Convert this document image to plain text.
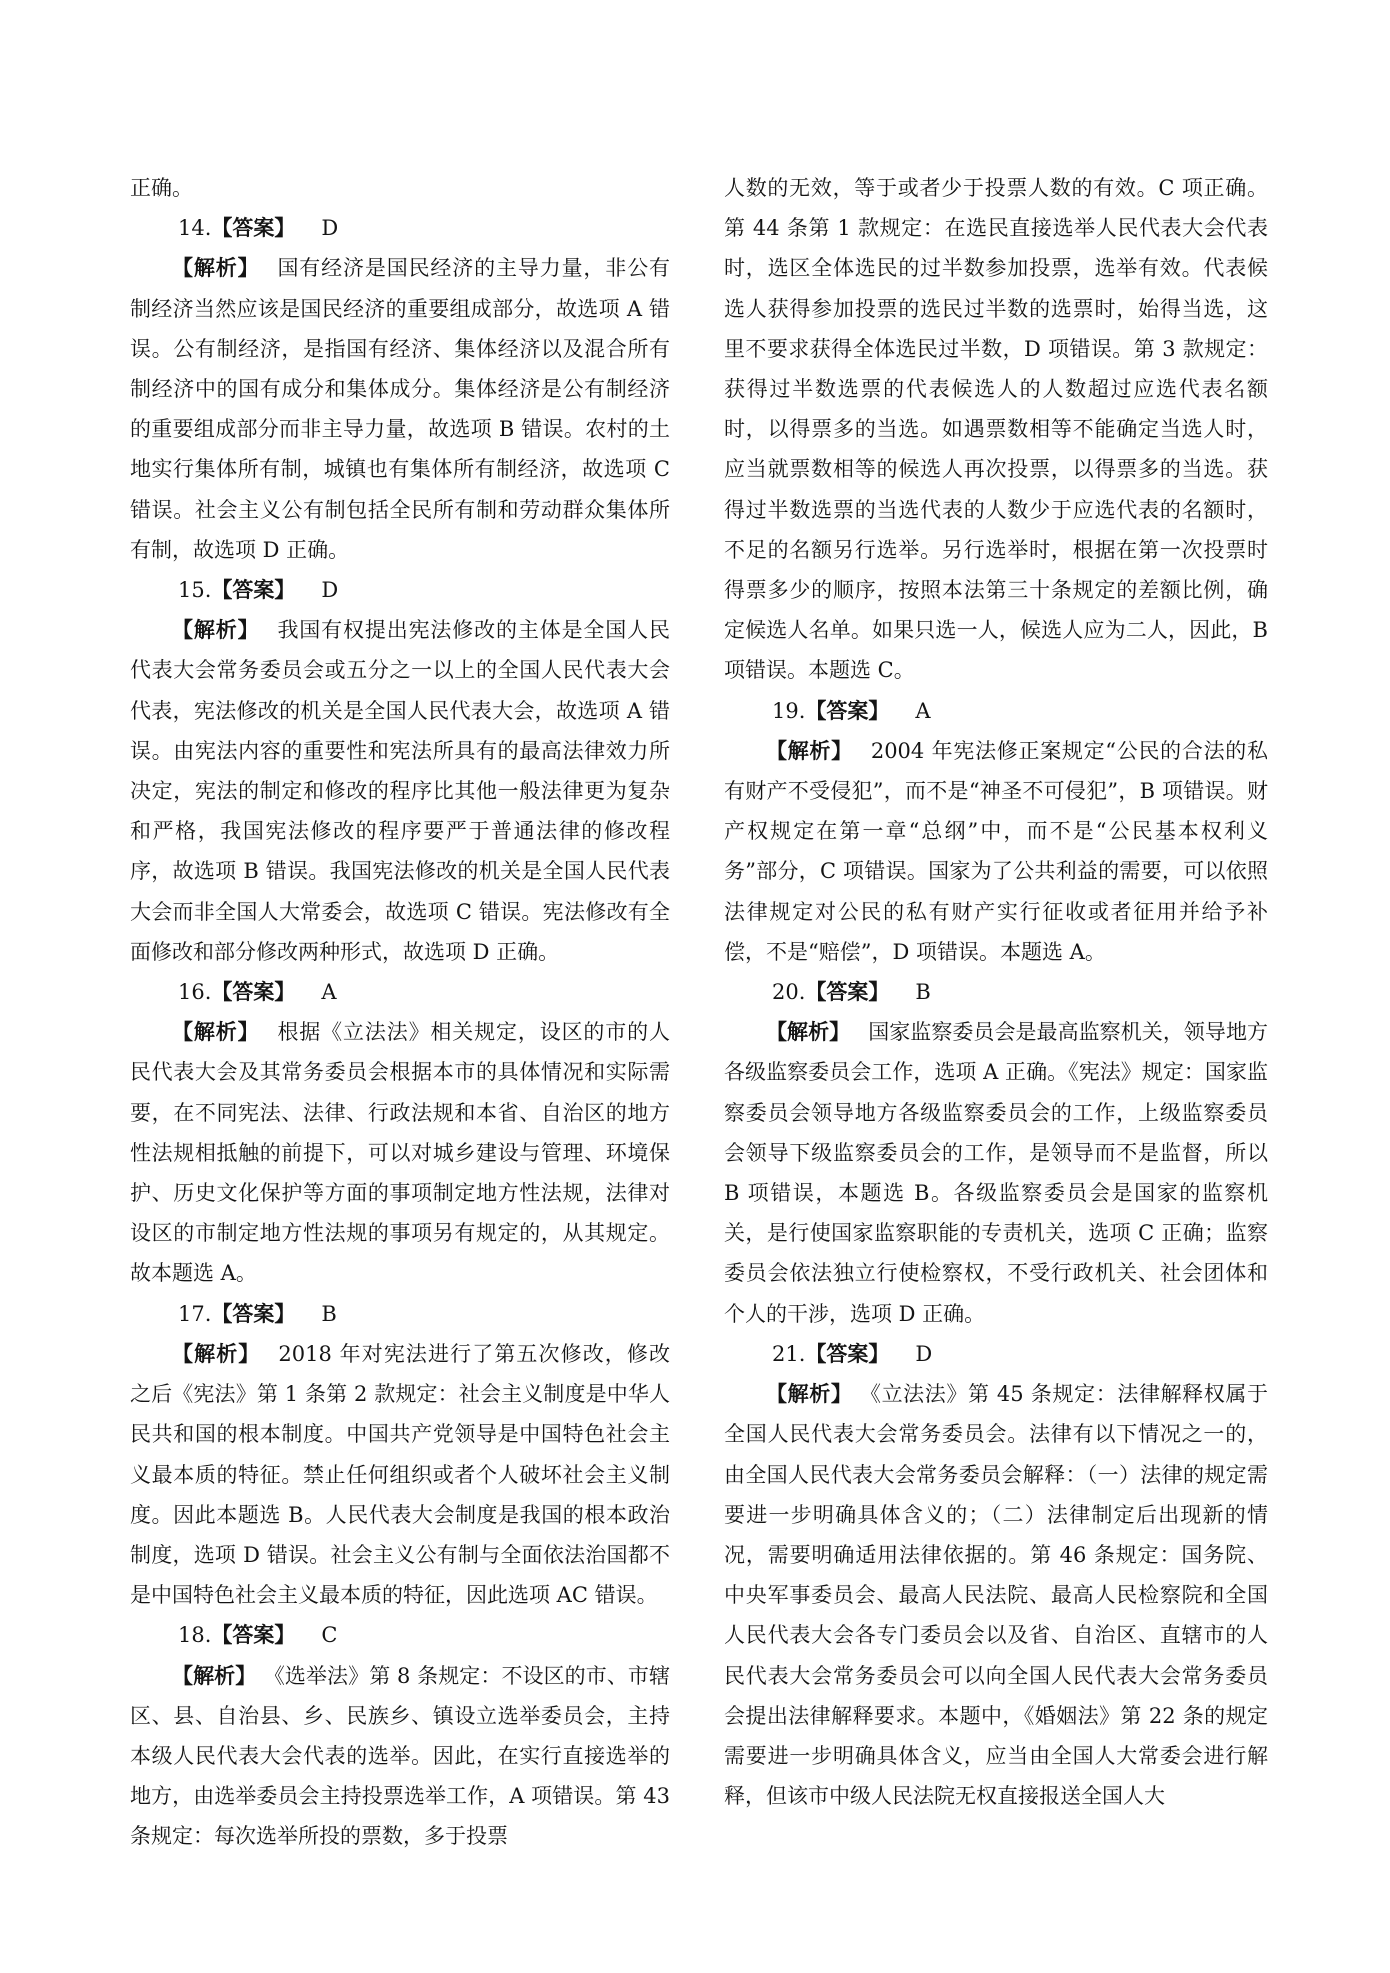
正确。

14.【答案】 D

【解析】 国有经济是国民经济的主导力量，非公有制经济当然应该是国民经济的重要组成部分，故选项 A 错误。公有制经济，是指国有经济、集体经济以及混合所有制经济中的国有成分和集体成分。集体经济是公有制经济的重要组成部分而非主导力量，故选项 B 错误。农村的土地实行集体所有制，城镇也有集体所有制经济，故选项 C 错误。社会主义公有制包括全民所有制和劳动群众集体所有制，故选项 D 正确。

15.【答案】 D

【解析】 我国有权提出宪法修改的主体是全国人民代表大会常务委员会或五分之一以上的全国人民代表大会代表，宪法修改的机关是全国人民代表大会，故选项 A 错误。由宪法内容的重要性和宪法所具有的最高法律效力所决定，宪法的制定和修改的程序比其他一般法律更为复杂和严格，我国宪法修改的程序要严于普通法律的修改程序，故选项 B 错误。我国宪法修改的机关是全国人民代表大会而非全国人大常委会，故选项 C 错误。宪法修改有全面修改和部分修改两种形式，故选项 D 正确。

16.【答案】 A

【解析】 根据《立法法》相关规定，设区的市的人民代表大会及其常务委员会根据本市的具体情况和实际需要，在不同宪法、法律、行政法规和本省、自治区的地方性法规相抵触的前提下，可以对城乡建设与管理、环境保护、历史文化保护等方面的事项制定地方性法规，法律对设区的市制定地方性法规的事项另有规定的，从其规定。故本题选 A。

17.【答案】 B

【解析】 2018 年对宪法进行了第五次修改，修改之后《宪法》第 1 条第 2 款规定：社会主义制度是中华人民共和国的根本制度。中国共产党领导是中国特色社会主义最本质的特征。禁止任何组织或者个人破坏社会主义制度。因此本题选 B。人民代表大会制度是我国的根本政治制度，选项 D 错误。社会主义公有制与全面依法治国都不是中国特色社会主义最本质的特征，因此选项 AC 错误。

18.【答案】 C

【解析】 《选举法》第 8 条规定：不设区的市、市辖区、县、自治县、乡、民族乡、镇设立选举委员会，主持本级人民代表大会代表的选举。因此，在实行直接选举的地方，由选举委员会主持投票选举工作，A 项错误。第 43 条规定：每次选举所投的票数，多于投票

人数的无效，等于或者少于投票人数的有效。C 项正确。第 44 条第 1 款规定：在选民直接选举人民代表大会代表时，选区全体选民的过半数参加投票，选举有效。代表候选人获得参加投票的选民过半数的选票时，始得当选，这里不要求获得全体选民过半数，D 项错误。第 3 款规定：获得过半数选票的代表候选人的人数超过应选代表名额时，以得票多的当选。如遇票数相等不能确定当选人时，应当就票数相等的候选人再次投票，以得票多的当选。获得过半数选票的当选代表的人数少于应选代表的名额时，不足的名额另行选举。另行选举时，根据在第一次投票时得票多少的顺序，按照本法第三十条规定的差额比例，确定候选人名单。如果只选一人，候选人应为二人，因此，B 项错误。本题选 C。

19.【答案】 A

【解析】 2004 年宪法修正案规定“公民的合法的私有财产不受侵犯”，而不是“神圣不可侵犯”，B 项错误。财产权规定在第一章“总纲”中，而不是“公民基本权利义务”部分，C 项错误。国家为了公共利益的需要，可以依照法律规定对公民的私有财产实行征收或者征用并给予补偿，不是“赔偿”，D 项错误。本题选 A。

20.【答案】 B

【解析】 国家监察委员会是最高监察机关，领导地方各级监察委员会工作，选项 A 正确。《宪法》规定：国家监察委员会领导地方各级监察委员会的工作，上级监察委员会领导下级监察委员会的工作，是领导而不是监督，所以 B 项错误，本题选 B。各级监察委员会是国家的监察机关，是行使国家监察职能的专责机关，选项 C 正确；监察委员会依法独立行使检察权，不受行政机关、社会团体和个人的干涉，选项 D 正确。

21.【答案】 D

【解析】 《立法法》第 45 条规定：法律解释权属于全国人民代表大会常务委员会。法律有以下情况之一的，由全国人民代表大会常务委员会解释：（一）法律的规定需要进一步明确具体含义的；（二）法律制定后出现新的情况，需要明确适用法律依据的。第 46 条规定：国务院、中央军事委员会、最高人民法院、最高人民检察院和全国人民代表大会各专门委员会以及省、自治区、直辖市的人民代表大会常务委员会可以向全国人民代表大会常务委员会提出法律解释要求。本题中，《婚姻法》第 22 条的规定需要进一步明确具体含义，应当由全国人大常委会进行解释，但该市中级人民法院无权直接报送全国人大
